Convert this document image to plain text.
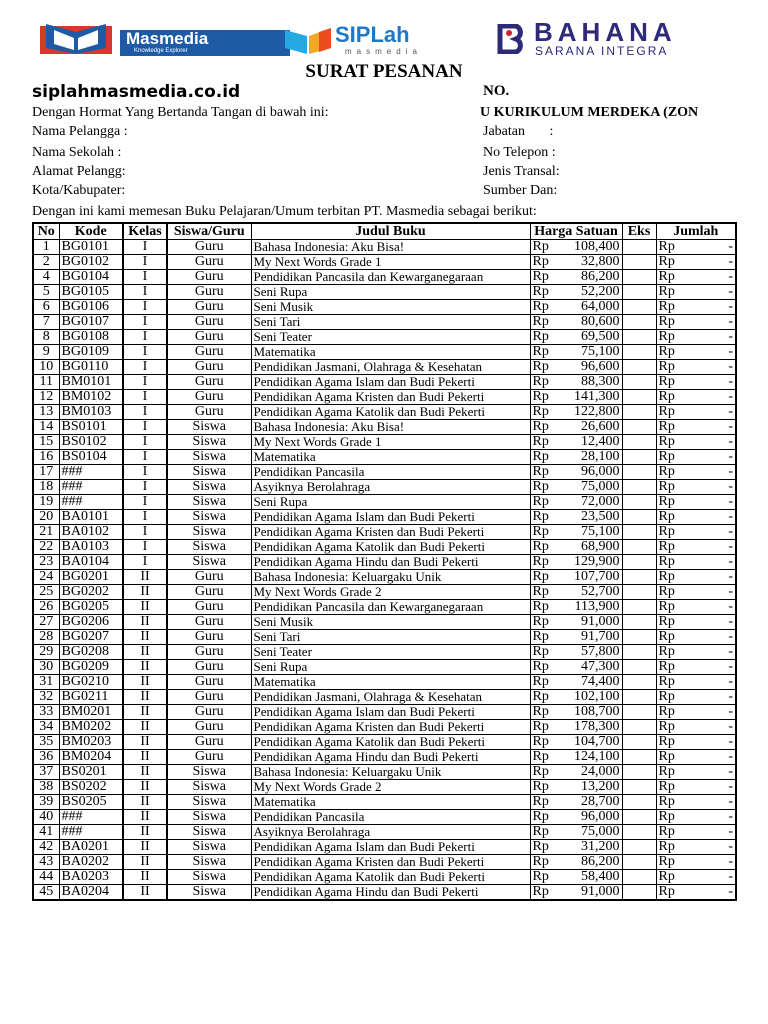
Masmedia
Knowledge Explorer
SIPLah
masmedia
BAHANA
SARANA INTEGRA
SURAT PESANAN
siplahmasmedia.co.id	NO.
Dengan Hormat Yang Bertanda Tangan di bawah ini:	U KURIKULUM MERDEKA (ZON
Nama Pelangga :
Nama Sekolah :
Alamat Pelangg:
Kota/Kabupater:
Jabatan       :
No Telepon :
Jenis Transal:
Sumber Dan:
Dengan ini kami memesan Buku Pelajaran/Umum terbitan PT. Masmedia sebagai berikut:
No	Kode	Kelas	Siswa/Guru	Judul Buku	Harga Satuan	Eks	Jumlah
1	BG0101	I	Guru	Bahasa Indonesia: Aku Bisa!	Rp 108,400		Rp -

2	BG0102	I	Guru	My Next Words Grade 1	Rp 32,800		Rp -

4	BG0104	I	Guru	Pendidikan Pancasila dan Kewarganegaraan	Rp 86,200		Rp -

5	BG0105	I	Guru	Seni Rupa	Rp 52,200		Rp -

6	BG0106	I	Guru	Seni Musik	Rp 64,000		Rp -

7	BG0107	I	Guru	Seni Tari	Rp 80,600		Rp -

8	BG0108	I	Guru	Seni Teater	Rp 69,500		Rp -

9	BG0109	I	Guru	Matematika	Rp 75,100		Rp -

10	BG0110	I	Guru	Pendidikan Jasmani, Olahraga & Kesehatan	Rp 96,600		Rp -

11	BM0101	I	Guru	Pendidikan Agama Islam dan Budi Pekerti	Rp 88,300		Rp -

12	BM0102	I	Guru	Pendidikan Agama Kristen dan Budi Pekerti	Rp 141,300		Rp -

13	BM0103	I	Guru	Pendidikan Agama Katolik dan Budi Pekerti	Rp 122,800		Rp -

14	BS0101	I	Siswa	Bahasa Indonesia: Aku Bisa!	Rp 26,600		Rp -

15	BS0102	I	Siswa	My Next Words Grade 1	Rp 12,400		Rp -

16	BS0104	I	Siswa	Matematika	Rp 28,100		Rp -

17	###	I	Siswa	Pendidikan Pancasila	Rp 96,000		Rp -

18	###	I	Siswa	Asyiknya Berolahraga	Rp 75,000		Rp -

19	###	I	Siswa	Seni Rupa	Rp 72,000		Rp -

20	BA0101	I	Siswa	Pendidikan Agama Islam dan Budi Pekerti	Rp 23,500		Rp -

21	BA0102	I	Siswa	Pendidikan Agama Kristen dan Budi Pekerti	Rp 75,100		Rp -

22	BA0103	I	Siswa	Pendidikan Agama Katolik dan Budi Pekerti	Rp 68,900		Rp -

23	BA0104	I	Siswa	Pendidikan Agama Hindu dan Budi Pekerti	Rp 129,900		Rp -

24	BG0201	II	Guru	Bahasa Indonesia: Keluargaku Unik	Rp 107,700		Rp -

25	BG0202	II	Guru	My Next Words Grade 2	Rp 52,700		Rp -

26	BG0205	II	Guru	Pendidikan Pancasila dan Kewarganegaraan	Rp 113,900		Rp -

27	BG0206	II	Guru	Seni Musik	Rp 91,000		Rp -

28	BG0207	II	Guru	Seni Tari	Rp 91,700		Rp -

29	BG0208	II	Guru	Seni Teater	Rp 57,800		Rp -

30	BG0209	II	Guru	Seni Rupa	Rp 47,300		Rp -

31	BG0210	II	Guru	Matematika	Rp 74,400		Rp -

32	BG0211	II	Guru	Pendidikan Jasmani, Olahraga & Kesehatan	Rp 102,100		Rp -

33	BM0201	II	Guru	Pendidikan Agama Islam dan Budi Pekerti	Rp 108,700		Rp -

34	BM0202	II	Guru	Pendidikan Agama Kristen dan Budi Pekerti	Rp 178,300		Rp -

35	BM0203	II	Guru	Pendidikan Agama Katolik dan Budi Pekerti	Rp 104,700		Rp -

36	BM0204	II	Guru	Pendidikan Agama Hindu dan Budi Pekerti	Rp 124,100		Rp -

37	BS0201	II	Siswa	Bahasa Indonesia: Keluargaku Unik	Rp 24,000		Rp -

38	BS0202	II	Siswa	My Next Words Grade 2	Rp 13,200		Rp -

39	BS0205	II	Siswa	Matematika	Rp 28,700		Rp -

40	###	II	Siswa	Pendidikan Pancasila	Rp 96,000		Rp -

41	###	II	Siswa	Asyiknya Berolahraga	Rp 75,000		Rp -

42	BA0201	II	Siswa	Pendidikan Agama Islam dan Budi Pekerti	Rp 31,200		Rp -

43	BA0202	II	Siswa	Pendidikan Agama Kristen dan Budi Pekerti	Rp 86,200		Rp -

44	BA0203	II	Siswa	Pendidikan Agama Katolik dan Budi Pekerti	Rp 58,400		Rp -

45	BA0204	II	Siswa	Pendidikan Agama Hindu dan Budi Pekerti	Rp 91,000		Rp -
